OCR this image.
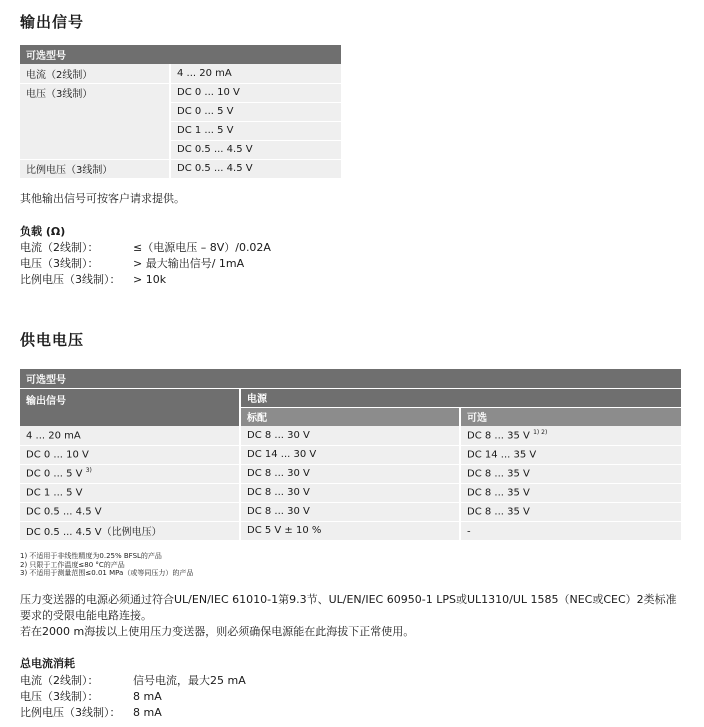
输出信号
可选型号	
电流（2线制）	4 ... 20 mA
电压（3线制）	DC 0 ... 10 V
	DC 0 ... 5 V
	DC 1 ... 5 V
	DC 0.5 ... 4.5 V
比例电压（3线制）	DC 0.5 ... 4.5 V
其他输出信号可按客户请求提供。
负载 (Ω)
电流（2线制）：	≤（电源电压 – 8V）/0.02A
电压（3线制）：	> 最大输出信号/ 1mA
比例电压（3线制）： > 10k
供电电压
可选型号		
输出信号	电源	
	标配	可选
4 ... 20 mA	DC 8 ... 30 V	DC 8 ... 35 V $^{1) 2)}$
DC 0 ... 10 V	DC 14 ... 30 V	DC 14 ... 35 V
DC 0 ... 5 V $^{3)}$	DC 8 ... 30 V	DC 8 ... 35 V
DC 1 ... 5 V	DC 8 ... 30 V	DC 8 ... 35 V
DC 0.5 ... 4.5 V	DC 8 ... 30 V	DC 8 ... 35 V
DC 0.5 ... 4.5 V（比例电压）	DC 5 V ± 10 %	-
1) 不适用于非线性精度为0.25% BFSL的产品
2) 只限于工作温度≤80 °C的产品
3) 不适用于测量范围≤0.01 MPa（或等同压力）的产品
压力变送器的电源必须通过符合UL/EN/IEC 61010-1第9.3节、UL/EN/IEC 60950-1 LPS或UL1310/UL 1585（NEC或CEC）2类标准要求的受限电能电路连接。
若在2000 m海拔以上使用压力变送器，则必须确保电源能在此海拔下正常使用。
总电流消耗
电流（2线制）：	信号电流，最大25 mA
电压（3线制）：	8 mA
比例电压（3线制）： 8 mA
